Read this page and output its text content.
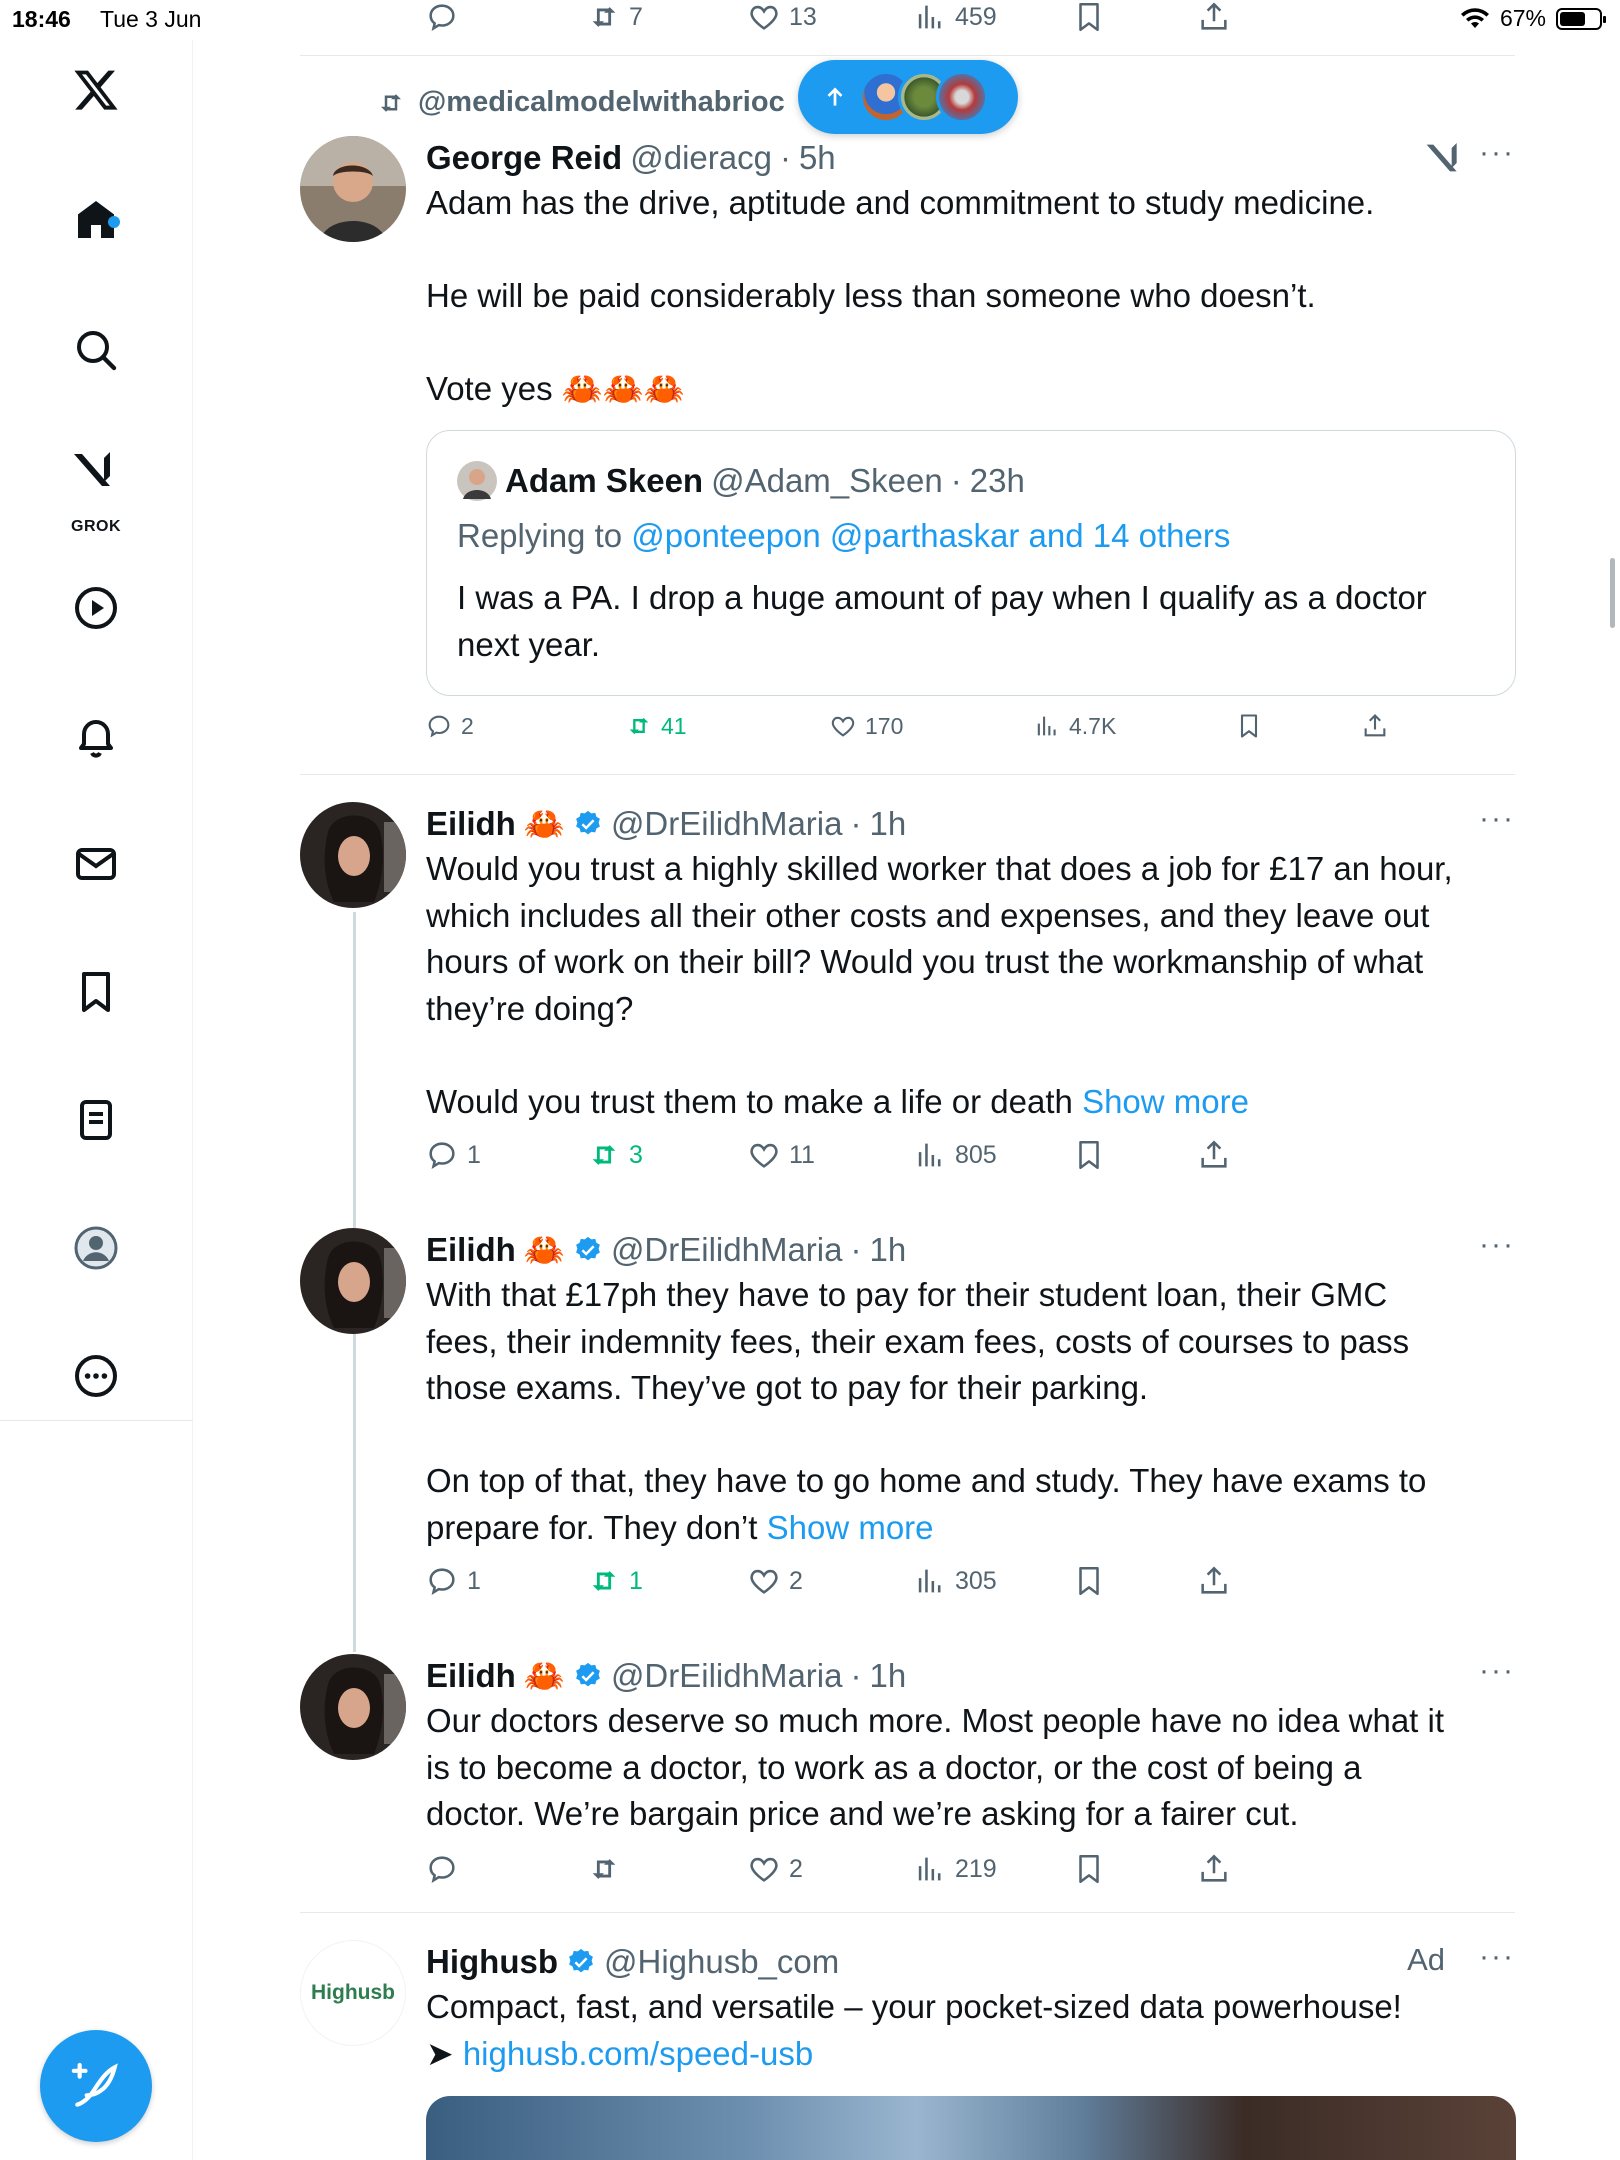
18:46 Tue 3 Jun	67%
GROK
7	13	459
@medicalmodelwithabrioc
George Reid @dieracg · 5h	···

Adam has the drive, aptitude and commitment to study medicine.

He will be paid considerably less than someone who doesn’t.

Vote yes 🦀🦀🦀

Adam Skeen @Adam_Skeen · 23h
Replying to @ponteepon @parthaskar and 14 others
I was a PA. I drop a huge amount of pay when I qualify as a doctor next year.
2	41	170	4.7K
Eilidh 🦀 @DrEilidhMaria · 1h	···

Would you trust a highly skilled worker that does a job for £17 an hour,

which includes all their other costs and expenses, and they leave out

hours of work on their bill? Would you trust the workmanship of what

they’re doing?

Would you trust them to make a life or death Show more

1	3	11	805
Eilidh 🦀 @DrEilidhMaria · 1h	···

With that £17ph they have to pay for their student loan, their GMC

fees, their indemnity fees, their exam fees, costs of courses to pass

those exams. They’ve got to pay for their parking.

On top of that, they have to go home and study. They have exams to

prepare for. They don’t Show more

1	1	2	305
Eilidh 🦀 @DrEilidhMaria · 1h	···

Our doctors deserve so much more. Most people have no idea what it

is to become a doctor, to work as a doctor, or the cost of being a

doctor. We’re bargain price and we’re asking for a fairer cut.

2	219
Highusb
Highusb @Highusb_com	Ad ···

Compact, fast, and versatile – your pocket-sized data powerhouse!

➤ highusb.com/speed-usb
